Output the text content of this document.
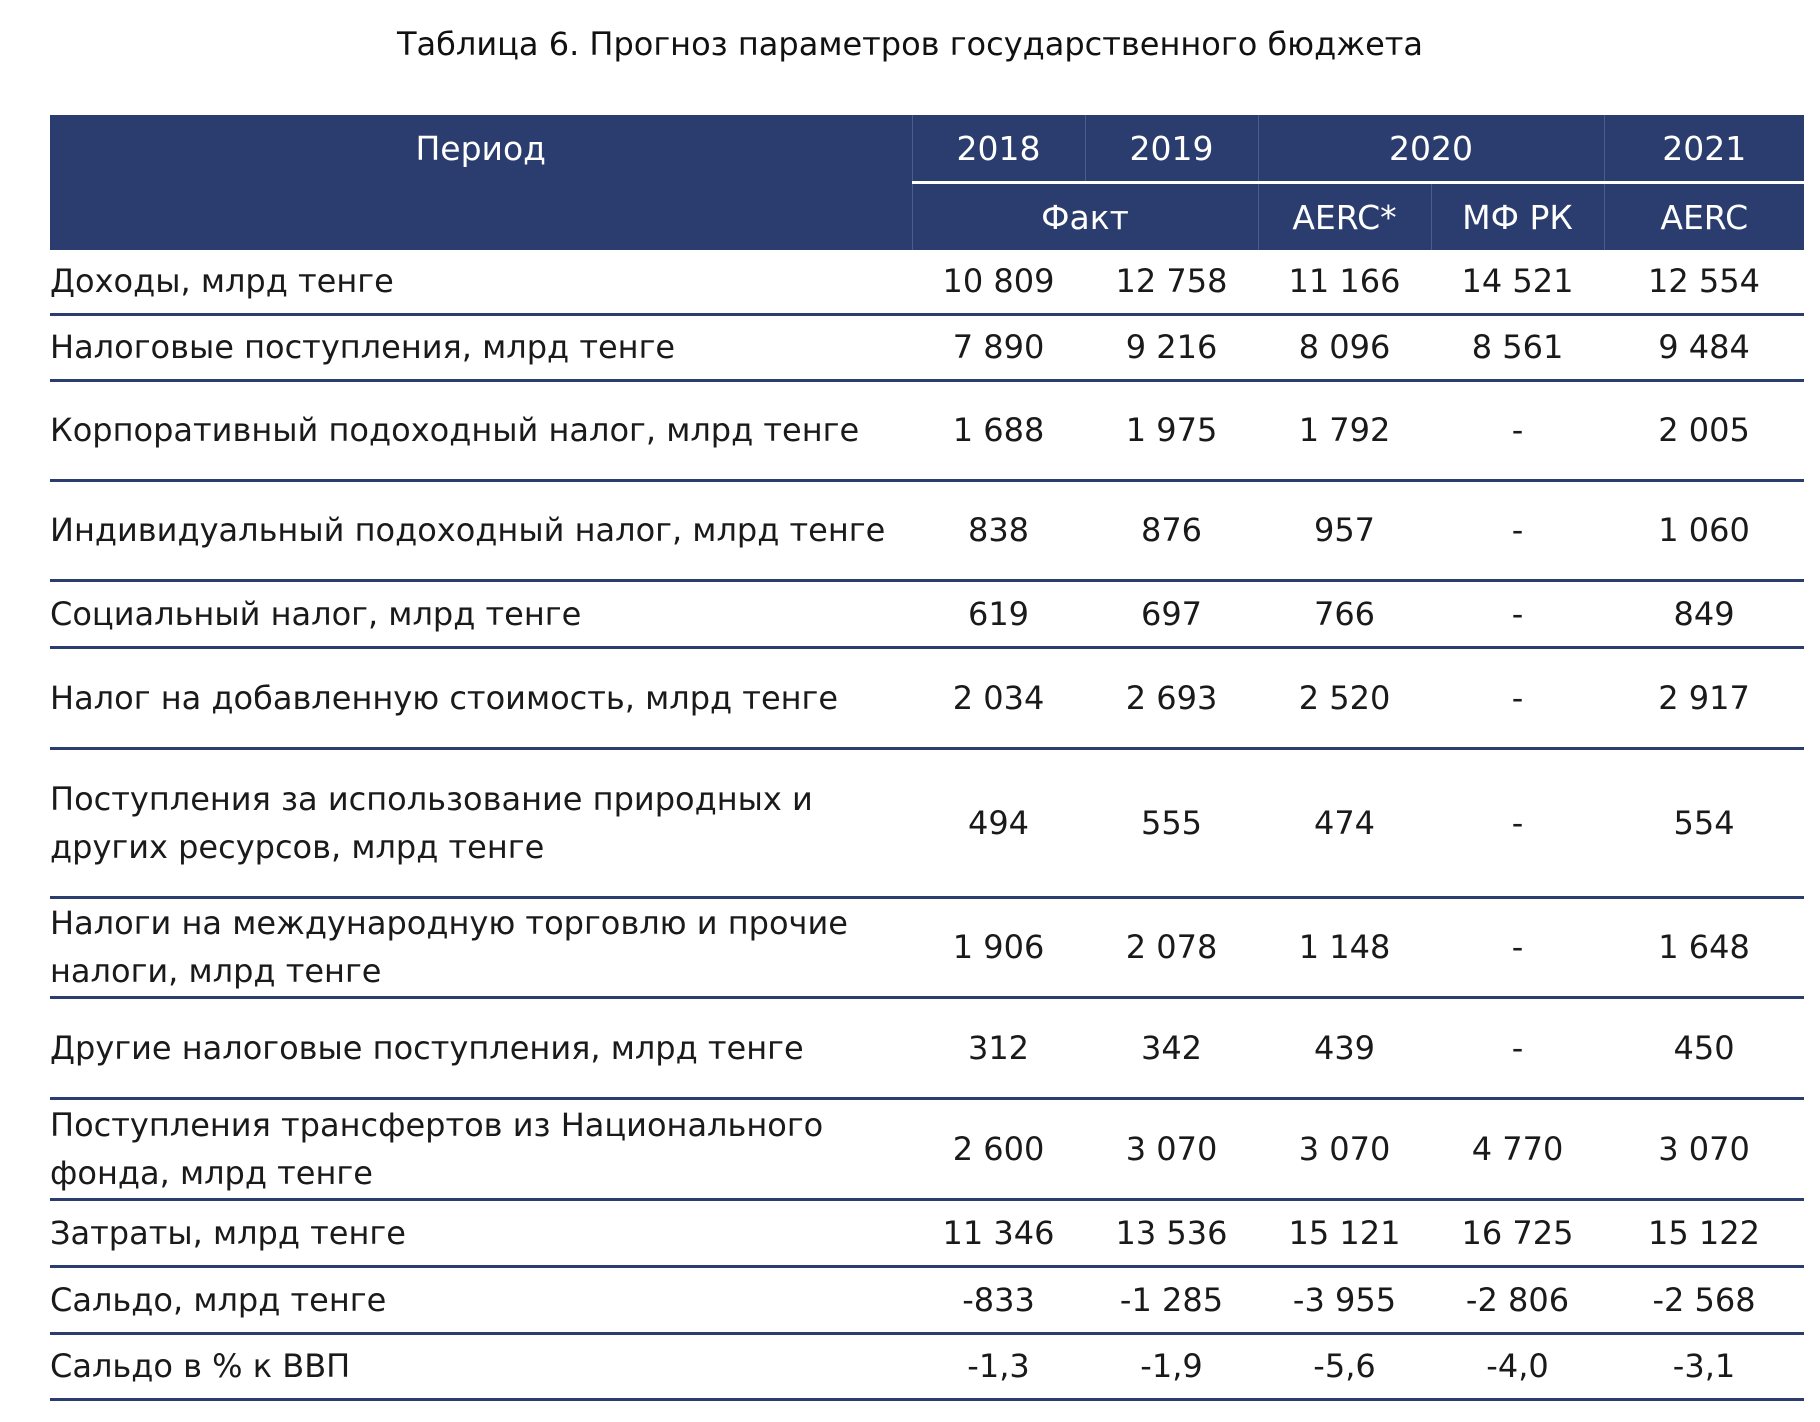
Таблица 6. Прогноз параметров государственного бюджета
Период	2018	2019	2020		2021
	Факт		AERC*	МФ РК	AERC
Доходы, млрд тенге	10 809	12 758	11 166	14 521	12 554
Налоговые поступления, млрд тенге	7 890	9 216	8 096	8 561	9 484
Корпоративный подоходный налог, млрд тенге	1 688	1 975	1 792	-	2 005
Индивидуальный подоходный налог, млрд тенге	838	876	957	-	1 060
Социальный налог, млрд тенге	619	697	766	-	849
Налог на добавленную стоимость, млрд тенге	2 034	2 693	2 520	-	2 917
Поступления за использование природных и других ресурсов, млрд тенге	494	555	474	-	554
Налоги на международную торговлю и прочие налоги, млрд тенге	1 906	2 078	1 148	-	1 648
Другие налоговые поступления, млрд тенге	312	342	439	-	450
Поступления трансфертов из Национального фонда, млрд тенге	2 600	3 070	3 070	4 770	3 070
Затраты, млрд тенге	11 346	13 536	15 121	16 725	15 122
Сальдо, млрд тенге	-833	-1 285	-3 955	-2 806	-2 568
Сальдо в % к ВВП	-1,3	-1,9	-5,6	-4,0	-3,1
